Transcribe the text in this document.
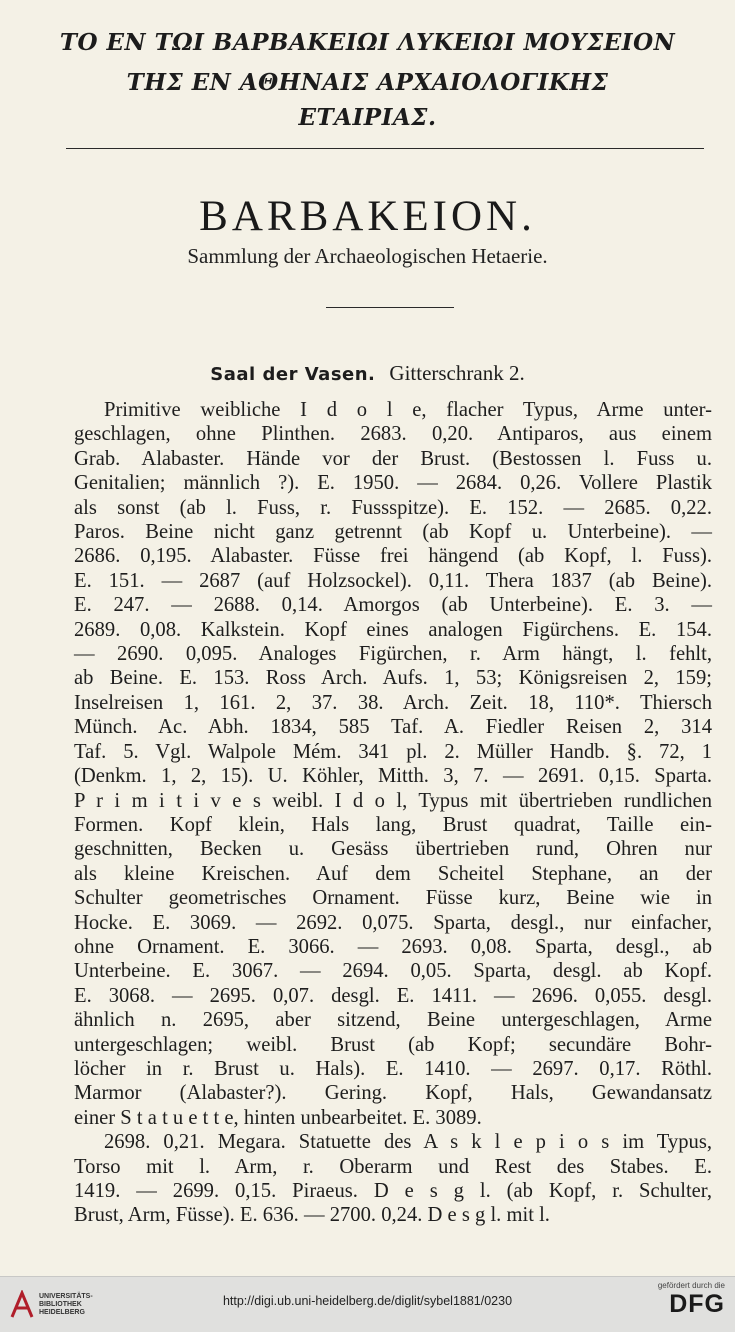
ΤΟ ΕΝ ΤΩΙ ΒΑΡΒΑΚΕΙΩΙ ΛΥΚΕΙΩΙ ΜΟΥΣΕΙΟΝ
ΤΗΣ ΕΝ ΑΘΗΝΑΙΣ ΑΡΧΑΙΟΛΟΓΙΚΗΣ
ΕΤΑΙΡΙΑΣ.
BARBAKEION.

Sammlung der Archaeologischen Hetaerie.

Saal der Vasen. Gitterschrank 2.

Primitive weibliche I d o l e, flacher Typus, Arme unter-

geschlagen, ohne Plinthen. 2683. 0,20. Antiparos, aus einem

Grab. Alabaster. Hände vor der Brust. (Bestossen l. Fuss u.

Genitalien; männlich ?). E. 1950. — 2684. 0,26. Vollere Plastik

als sonst (ab l. Fuss, r. Fussspitze). E. 152. — 2685. 0,22.

Paros. Beine nicht ganz getrennt (ab Kopf u. Unterbeine). —

2686. 0,195. Alabaster. Füsse frei hängend (ab Kopf, l. Fuss).

E. 151. — 2687 (auf Holzsockel). 0,11. Thera 1837 (ab Beine).

E. 247. — 2688. 0,14. Amorgos (ab Unterbeine). E. 3. —

2689. 0,08. Kalkstein. Kopf eines analogen Figürchens. E. 154.

— 2690. 0,095. Analoges Figürchen, r. Arm hängt, l. fehlt,

ab Beine. E. 153. Ross Arch. Aufs. 1, 53; Königsreisen 2, 159;

Inselreisen 1, 161. 2, 37. 38. Arch. Zeit. 18, 110*. Thiersch

Münch. Ac. Abh. 1834, 585 Taf. A. Fiedler Reisen 2, 314

Taf. 5. Vgl. Walpole Mém. 341 pl. 2. Müller Handb. §. 72, 1

(Denkm. 1, 2, 15). U. Köhler, Mitth. 3, 7. — 2691. 0,15. Sparta.

P r i m i t i v e s weibl. I d o l, Typus mit übertrieben rundlichen

Formen. Kopf klein, Hals lang, Brust quadrat, Taille ein-

geschnitten, Becken u. Gesäss übertrieben rund, Ohren nur

als kleine Kreischen. Auf dem Scheitel Stephane, an der

Schulter geometrisches Ornament. Füsse kurz, Beine wie in

Hocke. E. 3069. — 2692. 0,075. Sparta, desgl., nur einfacher,

ohne Ornament. E. 3066. — 2693. 0,08. Sparta, desgl., ab

Unterbeine. E. 3067. — 2694. 0,05. Sparta, desgl. ab Kopf.

E. 3068. — 2695. 0,07. desgl. E. 1411. — 2696. 0,055. desgl.

ähnlich n. 2695, aber sitzend, Beine untergeschlagen, Arme

untergeschlagen; weibl. Brust (ab Kopf; secundäre Bohr-

löcher in r. Brust u. Hals). E. 1410. — 2697. 0,17. Röthl.

Marmor (Alabaster?). Gering. Kopf, Hals, Gewandansatz

einer S t a t u e t t e, hinten unbearbeitet. E. 3089.

2698. 0,21. Megara. Statuette des A s k l e p i o s im Typus,

Torso mit l. Arm, r. Oberarm und Rest des Stabes. E.

1419. — 2699. 0,15. Piraeus. D e s g l. (ab Kopf, r. Schulter,

Brust, Arm, Füsse). E. 636. — 2700. 0,24. D e s g l. mit l.

UNIVERSITÄTS-
BIBLIOTHEK
HEIDELBERG
http://digi.ub.uni-heidelberg.de/diglit/sybel1881/0230
gefördert durch die
DFG
